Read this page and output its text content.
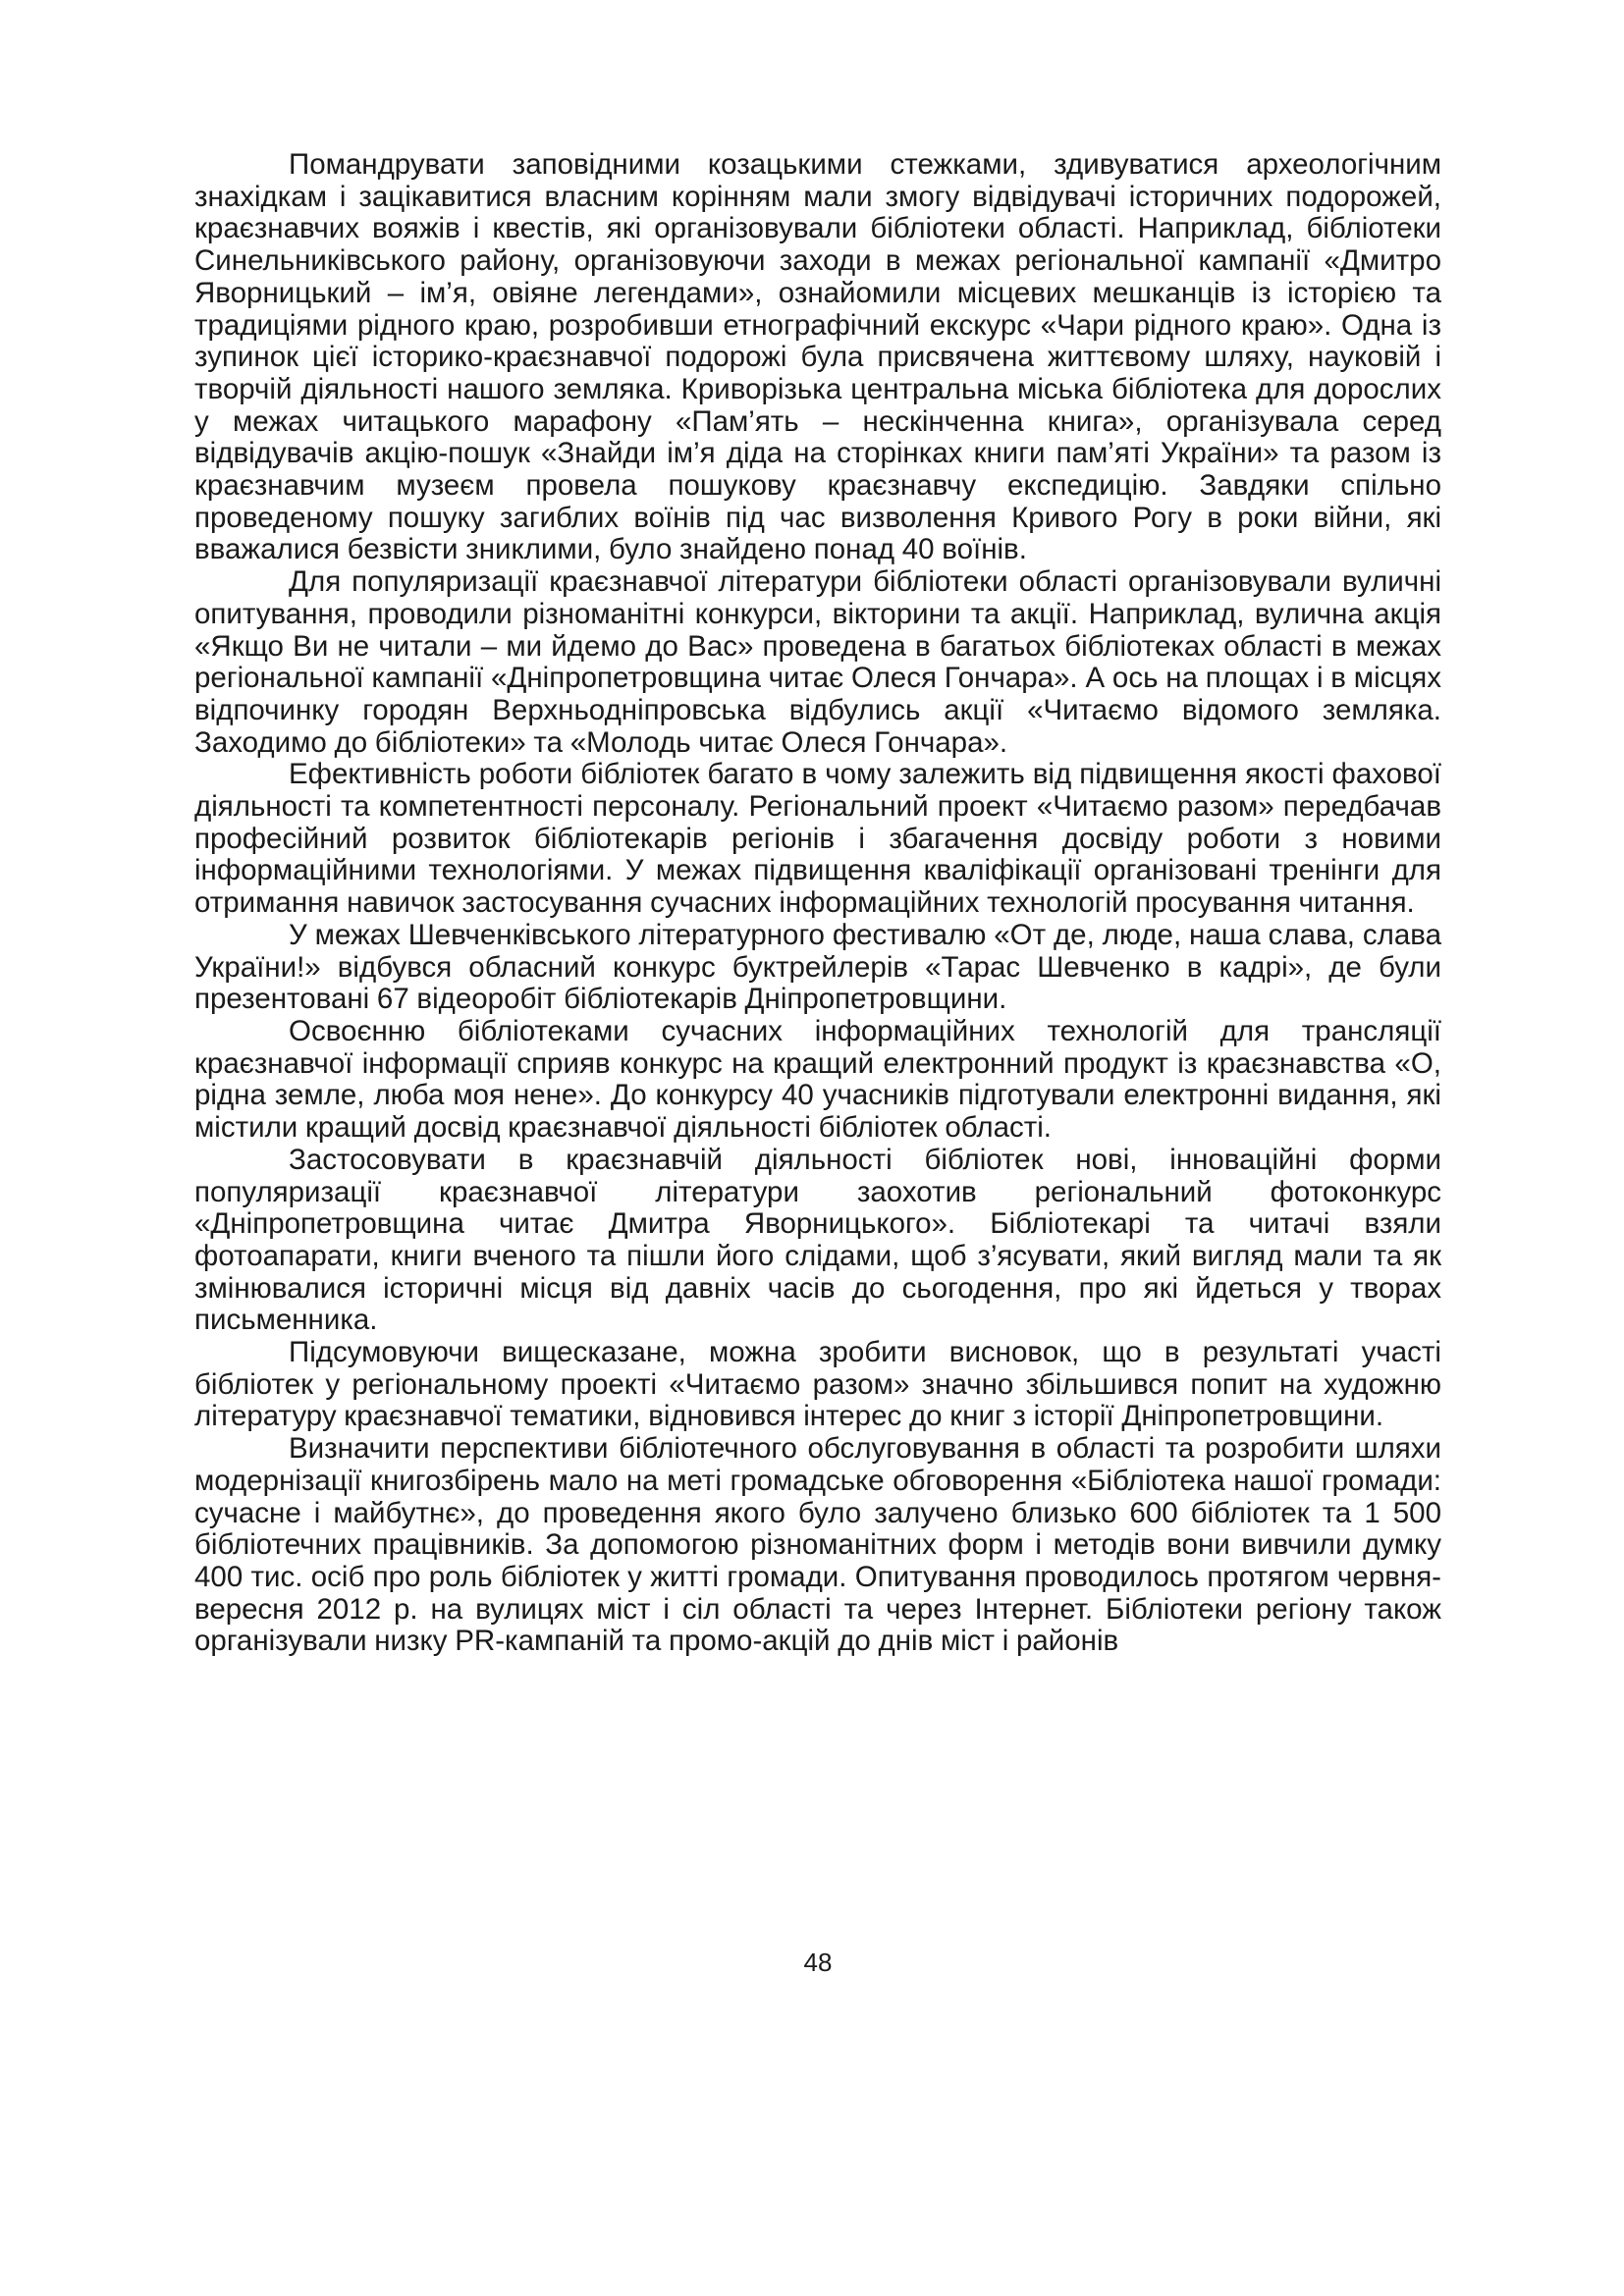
Помандрувати заповідними козацькими стежками, здивуватися археологічним знахідкам і зацікавитися власним корінням мали змогу відвідувачі історичних подорожей, краєзнавчих вояжів і квестів, які організовували бібліотеки області. Наприклад, бібліотеки Синельниківського району, організовуючи заходи в межах регіональної кампанії «Дмитро Яворницький – ім’я, овіяне легендами», ознайомили місцевих мешканців із історією та традиціями рідного краю, розробивши етнографічний екскурс «Чари рідного краю». Одна із зупинок цієї історико-краєзнавчої подорожі була присвячена життєвому шляху, науковій і творчій діяльності нашого земляка. Криворізька центральна міська бібліотека для дорослих у межах читацького марафону «Пам’ять – нескінченна книга», організувала серед відвідувачів акцію-пошук «Знайди ім’я діда на сторінках книги пам’яті України» та разом із краєзнавчим музеєм провела пошукову краєзнавчу експедицію. Завдяки спільно проведеному пошуку загиблих воїнів під час визволення Кривого Рогу в роки війни, які вважалися безвісти зниклими, було знайдено понад 40 воїнів.

Для популяризації краєзнавчої літератури бібліотеки області організовували вуличні опитування, проводили різноманітні конкурси, вікторини та акції. Наприклад, вулична акція «Якщо Ви не читали – ми йдемо до Вас» проведена в багатьох бібліотеках області в межах регіональної кампанії «Дніпропетровщина читає Олеся Гончара». А ось на площах і в місцях відпочинку городян Верхньодніпровська відбулись акції «Читаємо відомого земляка. Заходимо до бібліотеки» та «Молодь читає Олеся Гончара».

Ефективність роботи бібліотек багато в чому залежить від підвищення якості фахової діяльності та компетентності персоналу. Регіональний проект «Читаємо разом» передбачав професійний розвиток бібліотекарів регіонів і збагачення досвіду роботи з новими інформаційними технологіями. У межах підвищення кваліфікації організовані тренінги для отримання навичок застосування сучасних інформаційних технологій просування читання.

У межах Шевченківського літературного фестивалю «От де, люде, наша слава, слава України!» відбувся обласний конкурс буктрейлерів «Тарас Шевченко в кадрі», де були презентовані 67 відеоробіт бібліотекарів Дніпропетровщини.

Освоєнню бібліотеками сучасних інформаційних технологій для трансляції краєзнавчої інформації сприяв конкурс на кращий електронний продукт із краєзнавства «О, рідна земле, люба моя нене». До конкурсу 40 учасників підготували електронні видання, які містили кращий досвід краєзнавчої діяльності бібліотек області.

Застосовувати в краєзнавчій діяльності бібліотек нові, інноваційні форми популяризації краєзнавчої літератури заохотив регіональний фотоконкурс «Дніпропетровщина читає Дмитра Яворницького». Бібліотекарі та читачі взяли фотоапарати, книги вченого та пішли його слідами, щоб з’ясувати, який вигляд мали та як змінювалися історичні місця від давніх часів до сьогодення, про які йдеться у творах письменника.

Підсумовуючи вищесказане, можна зробити висновок, що в результаті участі бібліотек у регіональному проекті «Читаємо разом» значно збільшився попит на художню літературу краєзнавчої тематики, відновився інтерес до книг з історії Дніпропетровщини.

Визначити перспективи бібліотечного обслуговування в області та розробити шляхи модернізації книгозбірень мало на меті громадське обговорення «Бібліотека нашої громади: сучасне і майбутнє», до проведення якого було залучено близько 600 бібліотек та 1 500 бібліотечних працівників. За допомогою різноманітних форм і методів вони вивчили думку 400 тис. осіб про роль бібліотек у житті громади. Опитування проводилось протягом червня-вересня 2012 р. на вулицях міст і сіл області та через Інтернет. Бібліотеки регіону також організували низку PR-кампаній та промо-акцій до днів міст і районів

48
